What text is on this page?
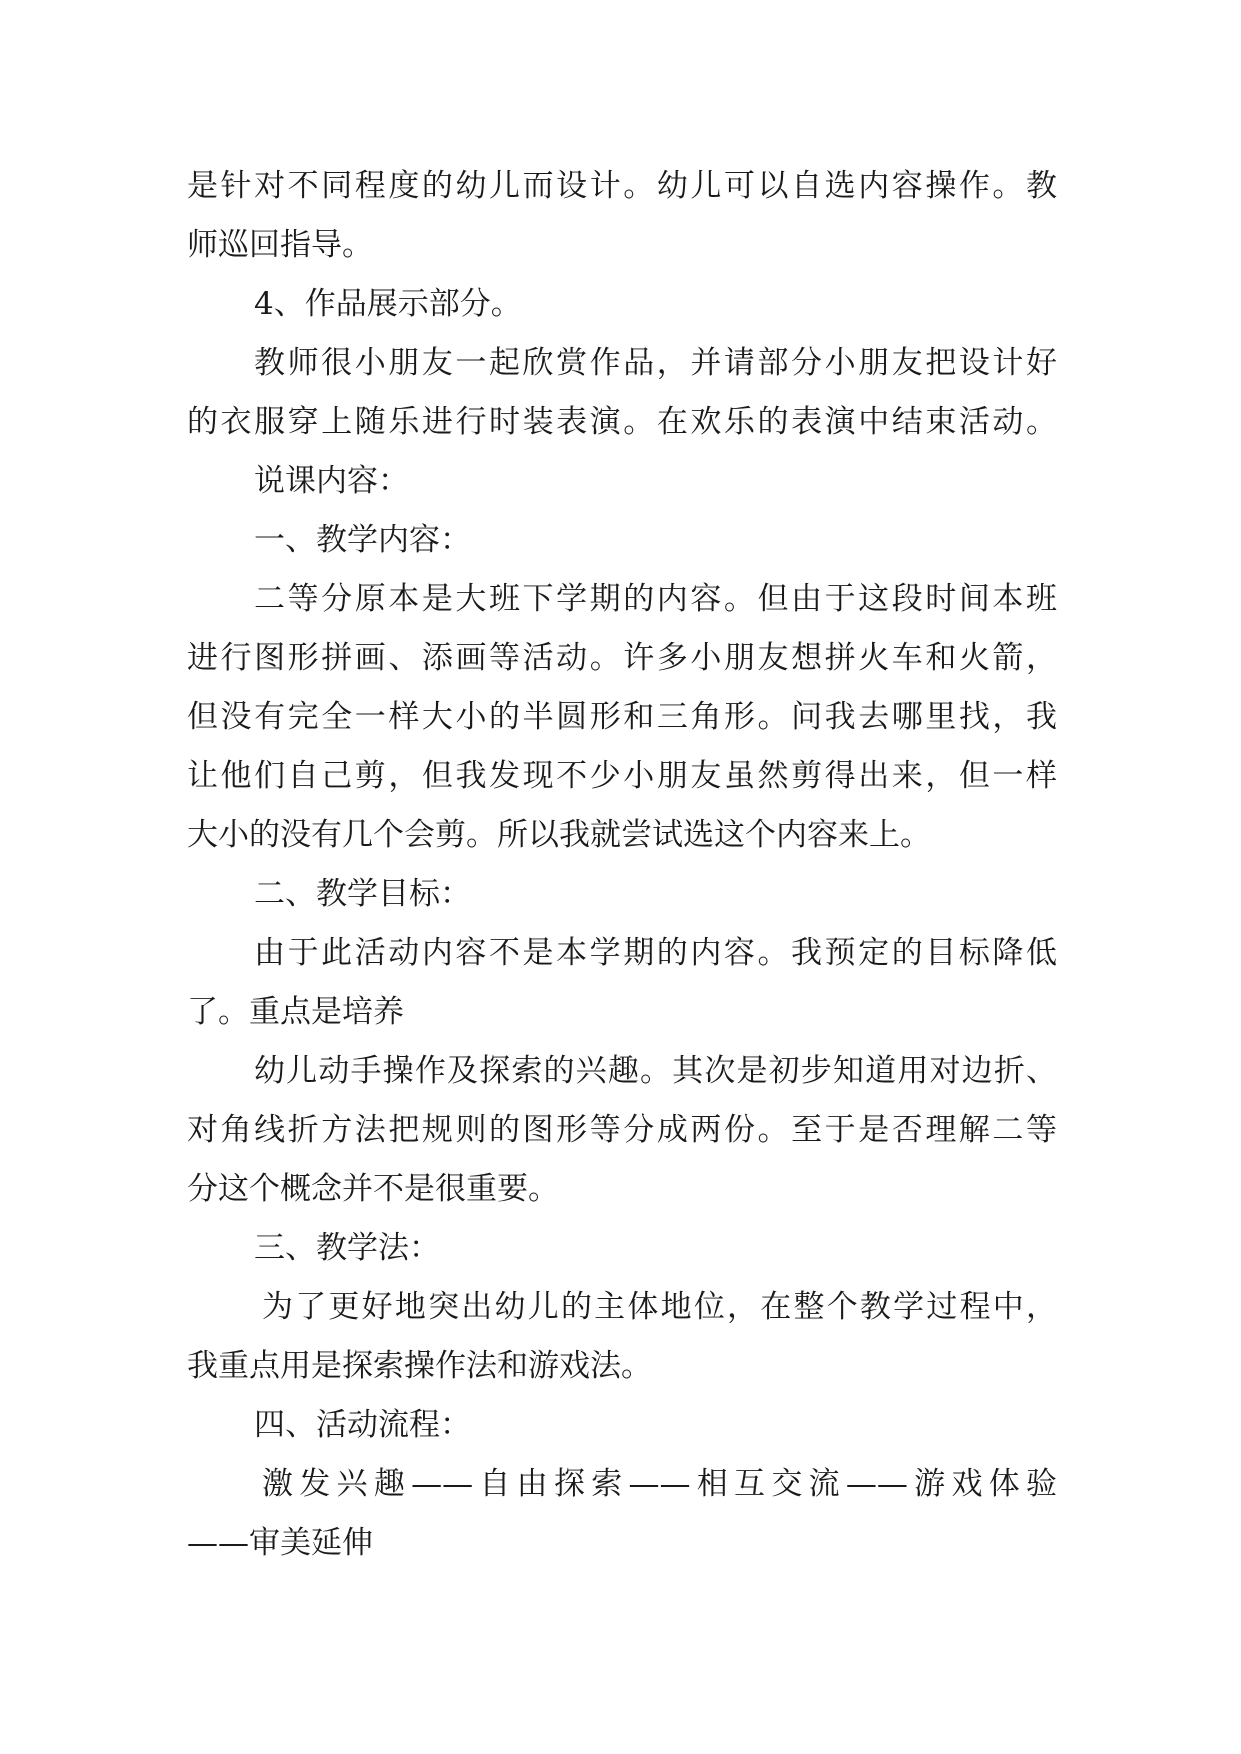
是针对不同程度的幼儿而设计。幼儿可以自选内容操作。教
师巡回指导。
4、作品展示部分。
教师很小朋友一起欣赏作品，并请部分小朋友把设计好
的衣服穿上随乐进行时装表演。在欢乐的表演中结束活动。
说课内容：
一、教学内容：
二等分原本是大班下学期的内容。但由于这段时间本班
进行图形拼画、添画等活动。许多小朋友想拼火车和火箭，
但没有完全一样大小的半圆形和三角形。问我去哪里找，我
让他们自己剪，但我发现不少小朋友虽然剪得出来，但一样
大小的没有几个会剪。所以我就尝试选这个内容来上。
二、教学目标：
由于此活动内容不是本学期的内容。我预定的目标降低
了。重点是培养
幼儿动手操作及探索的兴趣。其次是初步知道用对边折、
对角线折方法把规则的图形等分成两份。至于是否理解二等
分这个概念并不是很重要。
三、教学法：
为了更好地突出幼儿的主体地位，在整个教学过程中，
我重点用是探索操作法和游戏法。
四、活动流程：
激发兴趣——自由探索——相互交流——游戏体验
——审美延伸
